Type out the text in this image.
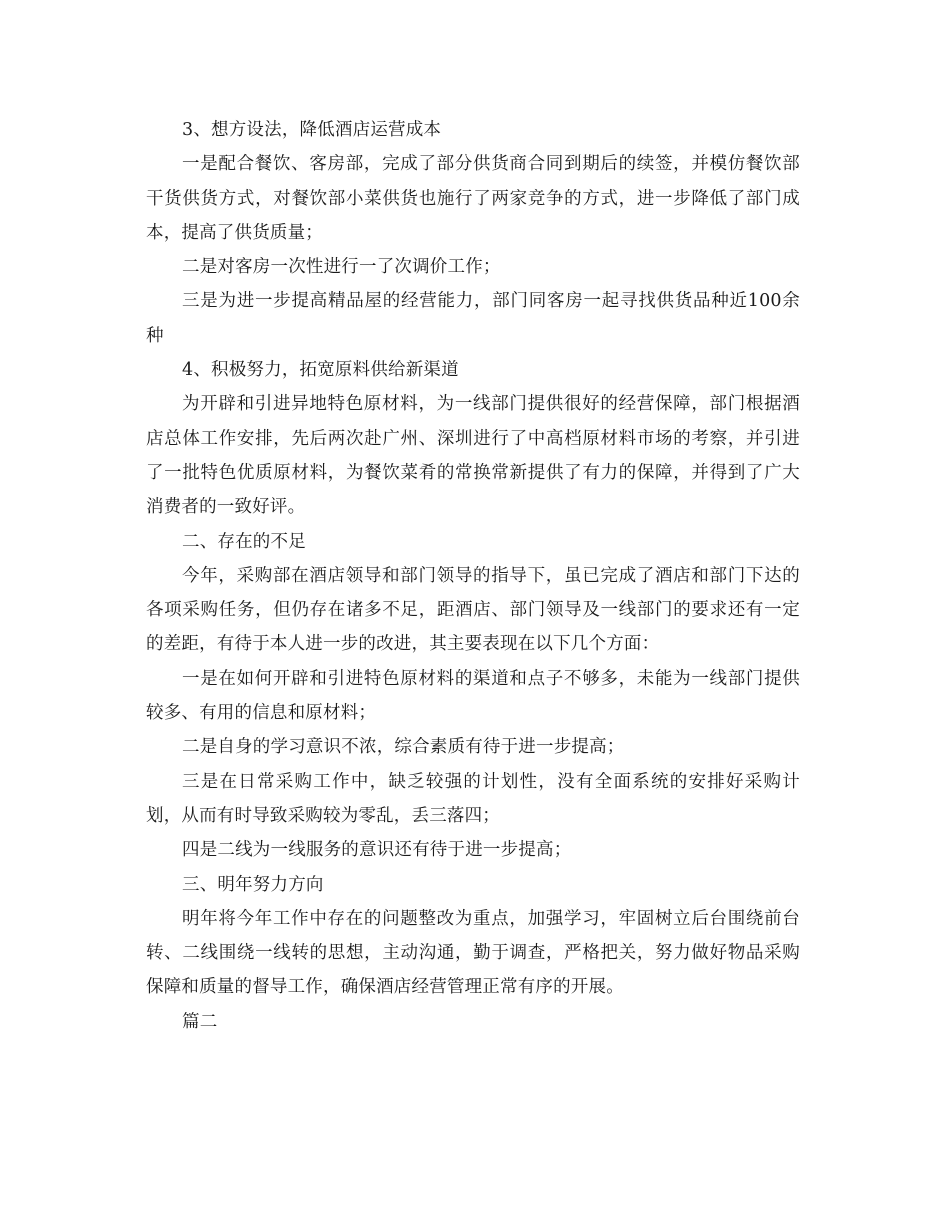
3、想方设法，降低酒店运营成本

一是配合餐饮、客房部，完成了部分供货商合同到期后的续签，并模仿餐饮部干货供货方式，对餐饮部小菜供货也施行了两家竞争的方式，进一步降低了部门成本，提高了供货质量；

二是对客房一次性进行一了次调价工作；

三是为进一步提高精品屋的经营能力，部门同客房一起寻找供货品种近100余种

4、积极努力，拓宽原料供给新渠道

为开辟和引进异地特色原材料，为一线部门提供很好的经营保障，部门根据酒店总体工作安排，先后两次赴广州、深圳进行了中高档原材料市场的考察，并引进了一批特色优质原材料，为餐饮菜肴的常换常新提供了有力的保障，并得到了广大消费者的一致好评。

二、存在的不足

今年，采购部在酒店领导和部门领导的指导下，虽已完成了酒店和部门下达的各项采购任务，但仍存在诸多不足，距酒店、部门领导及一线部门的要求还有一定的差距，有待于本人进一步的改进，其主要表现在以下几个方面：

一是在如何开辟和引进特色原材料的渠道和点子不够多，未能为一线部门提供较多、有用的信息和原材料；

二是自身的学习意识不浓，综合素质有待于进一步提高；

三是在日常采购工作中，缺乏较强的计划性，没有全面系统的安排好采购计划，从而有时导致采购较为零乱，丢三落四；

四是二线为一线服务的意识还有待于进一步提高；

三、明年努力方向

明年将今年工作中存在的问题整改为重点，加强学习，牢固树立后台围绕前台转、二线围绕一线转的思想，主动沟通，勤于调查，严格把关，努力做好物品采购保障和质量的督导工作，确保酒店经营管理正常有序的开展。

篇二
